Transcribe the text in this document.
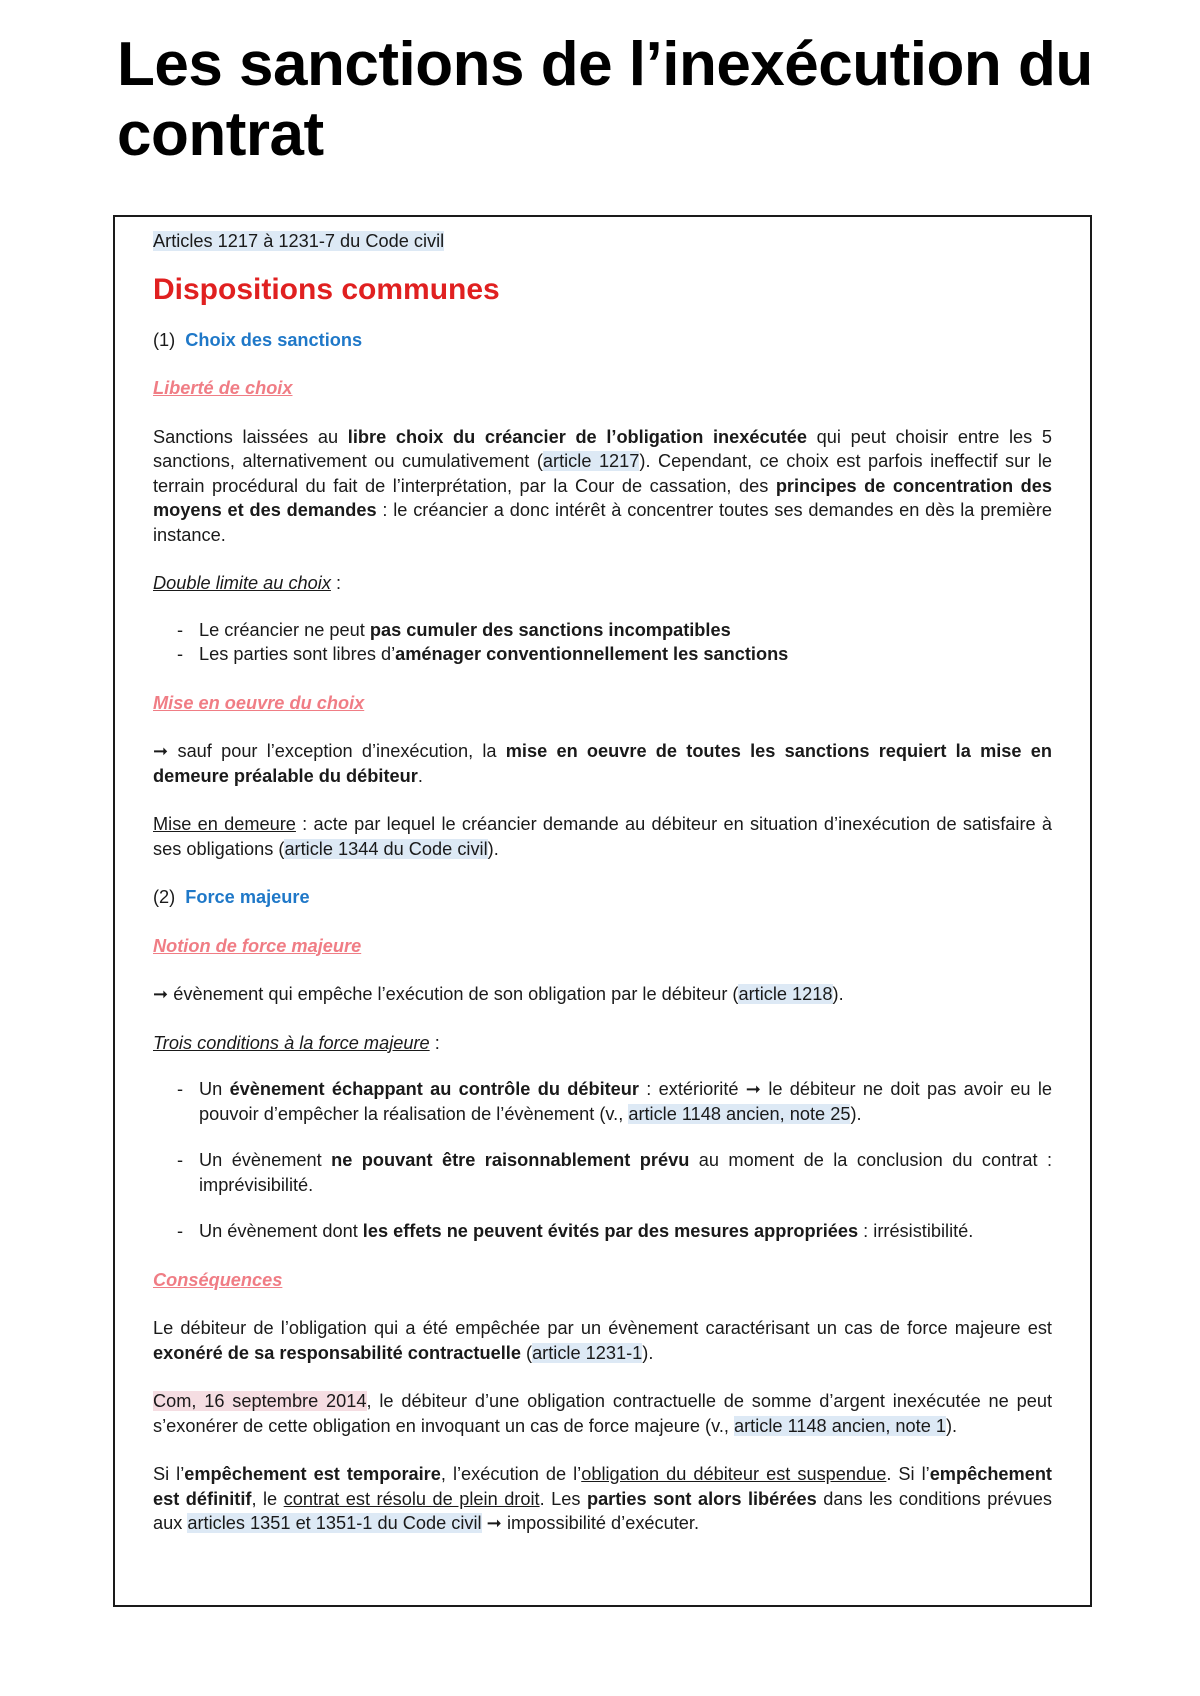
Les sanctions de l’inexécution du contrat

Articles 1217 à 1231-7 du Code civil

Dispositions communes

(1) Choix des sanctions

Liberté de choix

Sanctions laissées au libre choix du créancier de l’obligation inexécutée qui peut choisir entre les 5 sanctions, alternativement ou cumulativement (article 1217). Cependant, ce choix est parfois ineffectif sur le terrain procédural du fait de l’interprétation, par la Cour de cassation, des principes de concentration des moyens et des demandes : le créancier a donc intérêt à concentrer toutes ses demandes en dès la première instance.

Double limite au choix :

- Le créancier ne peut pas cumuler des sanctions incompatibles
- Les parties sont libres d’aménager conventionnellement les sanctions

Mise en oeuvre du choix

➞ sauf pour l’exception d’inexécution, la mise en oeuvre de toutes les sanctions requiert la mise en demeure préalable du débiteur.

Mise en demeure : acte par lequel le créancier demande au débiteur en situation d’inexécution de satisfaire à ses obligations (article 1344 du Code civil).

(2) Force majeure

Notion de force majeure

➞ évènement qui empêche l’exécution de son obligation par le débiteur (article 1218).

Trois conditions à la force majeure :

- Un évènement échappant au contrôle du débiteur : extériorité ➞ le débiteur ne doit pas avoir eu le pouvoir d’empêcher la réalisation de l’évènement (v., article 1148 ancien, note 25).
- Un évènement ne pouvant être raisonnablement prévu au moment de la conclusion du contrat : imprévisibilité.
- Un évènement dont les effets ne peuvent évités par des mesures appropriées : irrésistibilité.

Conséquences

Le débiteur de l’obligation qui a été empêchée par un évènement caractérisant un cas de force majeure est exonéré de sa responsabilité contractuelle (article 1231-1).

Com, 16 septembre 2014, le débiteur d’une obligation contractuelle de somme d’argent inexécutée ne peut s’exonérer de cette obligation en invoquant un cas de force majeure (v., article 1148 ancien, note 1).

Si l’empêchement est temporaire, l’exécution de l’obligation du débiteur est suspendue. Si l’empêchement est définitif, le contrat est résolu de plein droit. Les parties sont alors libérées dans les conditions prévues aux articles 1351 et 1351-1 du Code civil ➞ impossibilité d’exécuter.
